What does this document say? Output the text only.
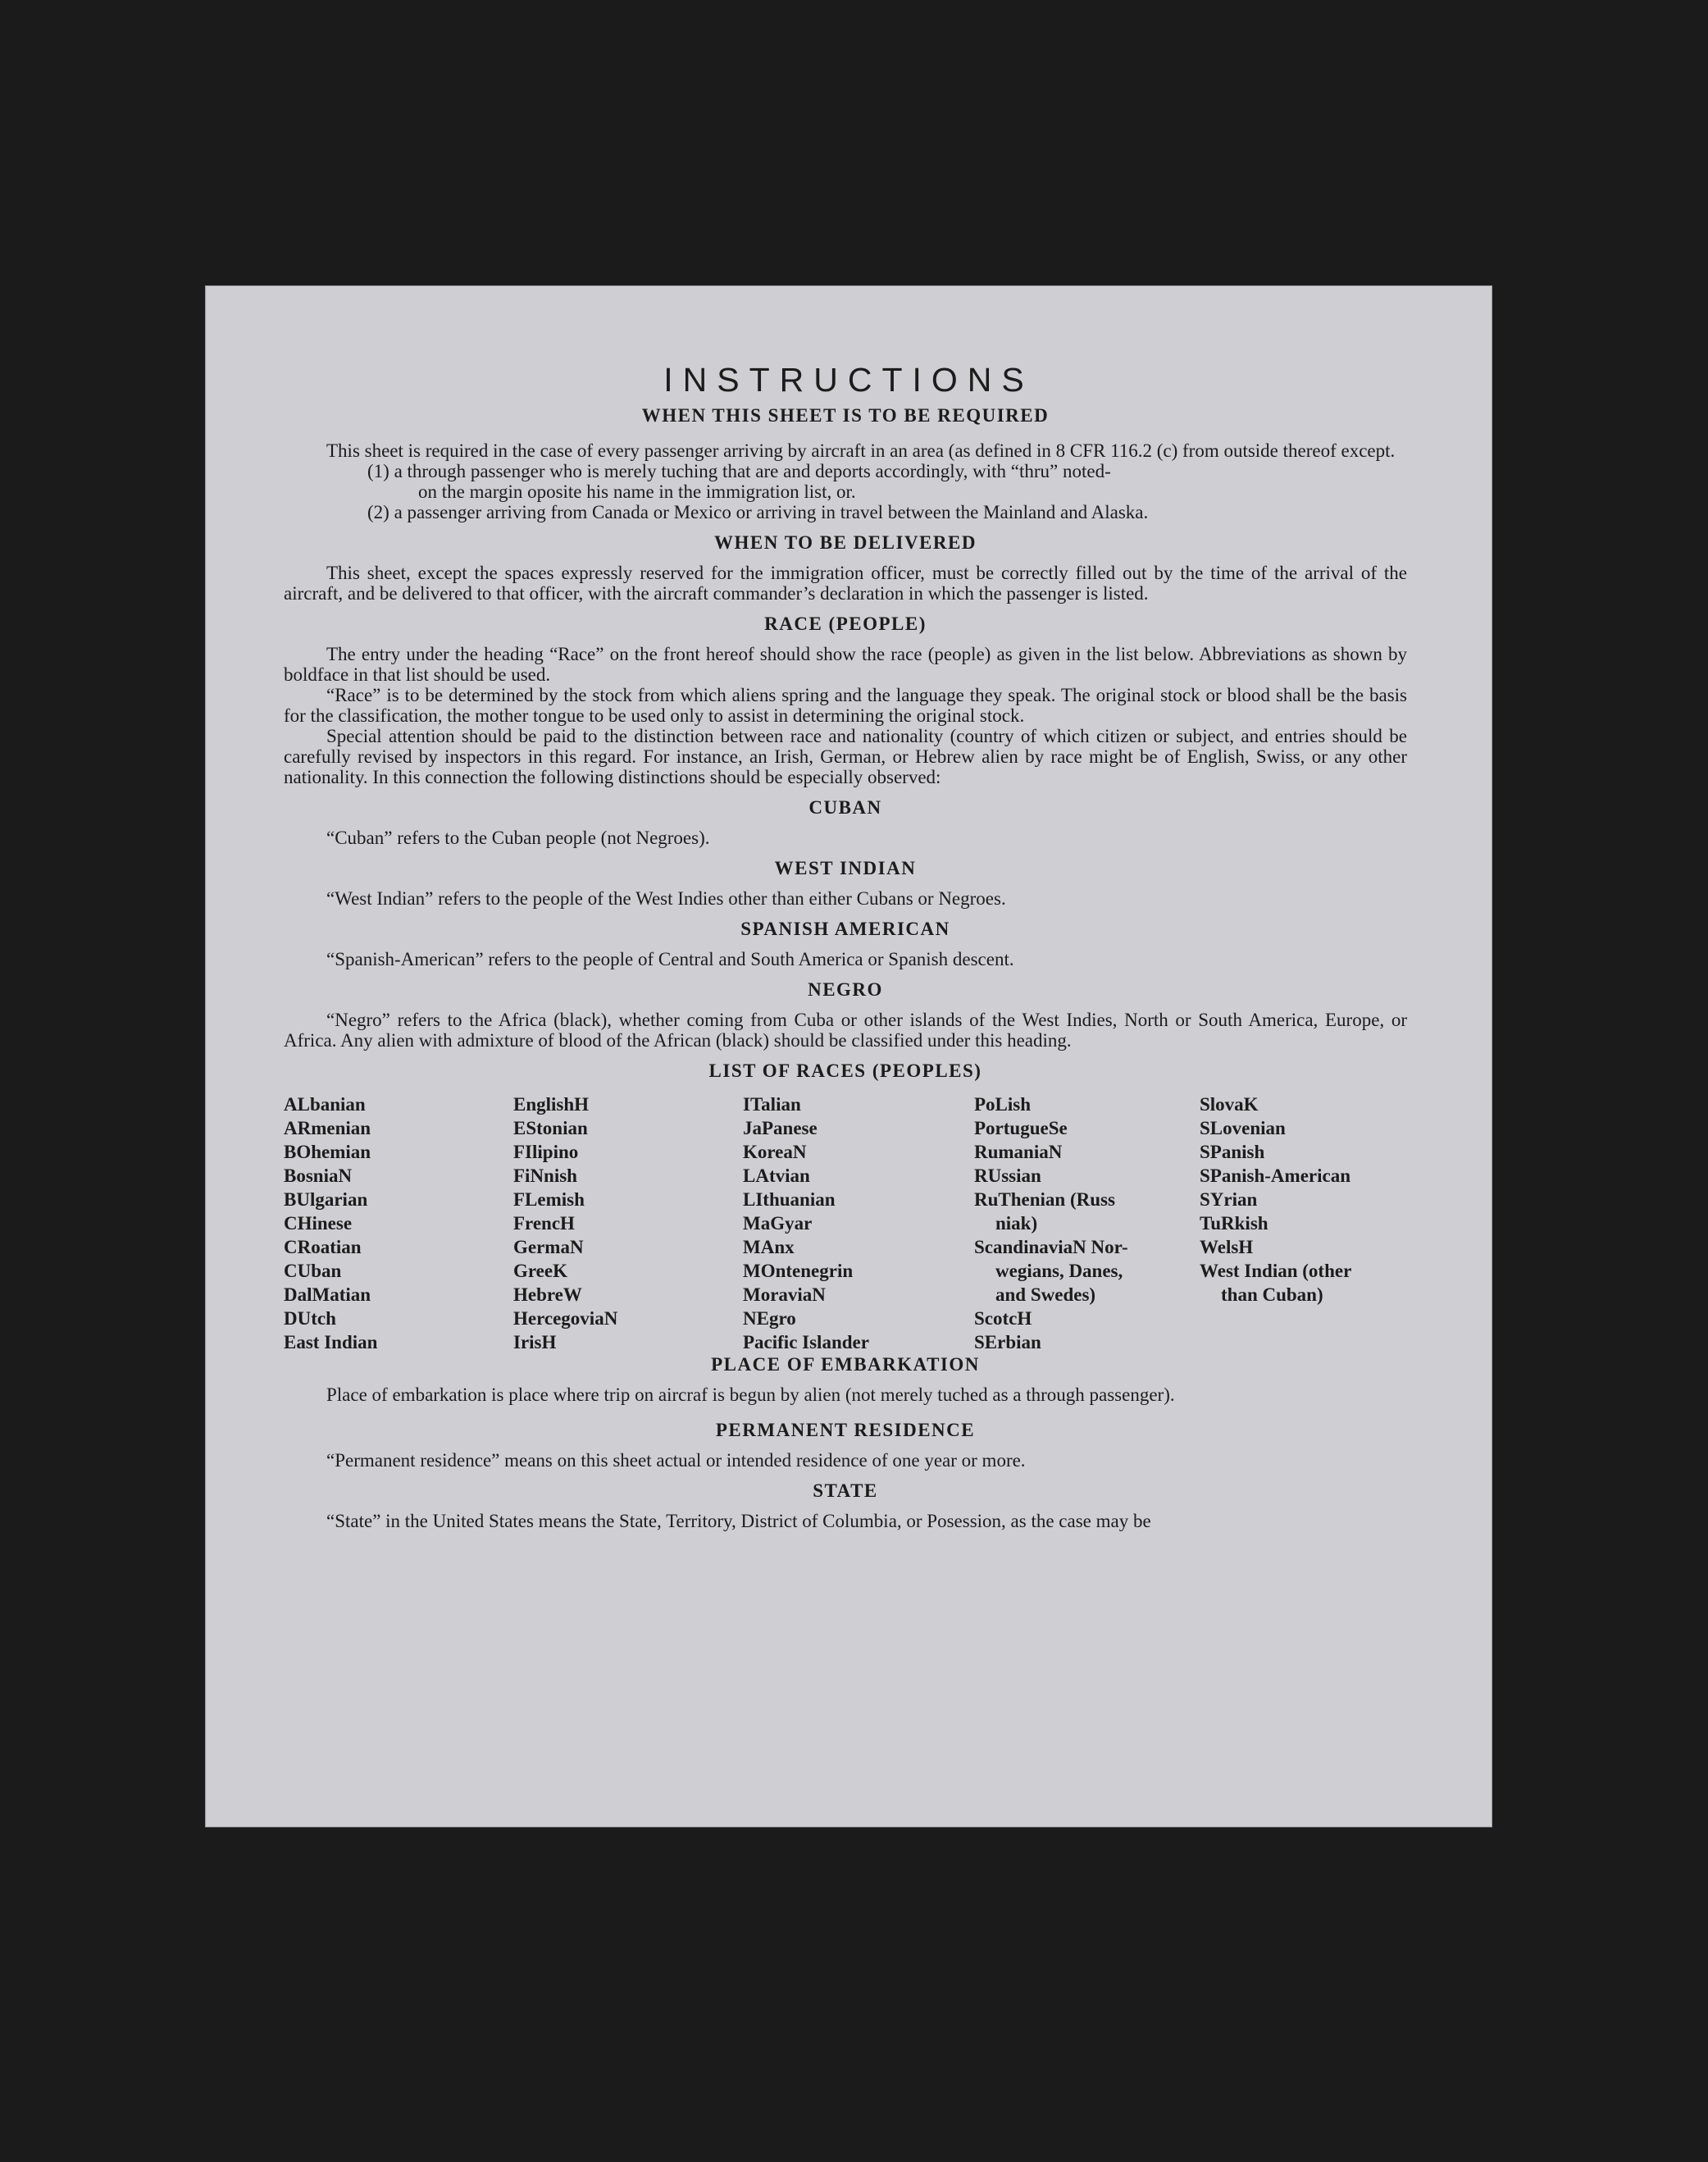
INSTRUCTIONS
WHEN THIS SHEET IS TO BE REQUIRED

This sheet is required in the case of every passenger arriving by aircraft in an area (as defined in 8 CFR 116.2 (c) from outside thereof except.

(1) a through passenger who is merely tuching that are and deports accordingly, with “thru” noted-

on the margin oposite his name in the immigration list, or.

(2) a passenger arriving from Canada or Mexico or arriving in travel between the Mainland and Alaska.

WHEN TO BE DELIVERED

This sheet, except the spaces expressly reserved for the immigration officer, must be correctly filled out by the time of the arrival of the aircraft, and be delivered to that officer, with the aircraft commander’s declaration in which the passenger is listed.

RACE (PEOPLE)

The entry under the heading “Race” on the front hereof should show the race (people) as given in the list below. Abbreviations as shown by boldface in that list should be used.

“Race” is to be determined by the stock from which aliens spring and the language they speak. The original stock or blood shall be the basis for the classification, the mother tongue to be used only to assist in determining the original stock.

Special attention should be paid to the distinction between race and nationality (country of which citizen or subject, and entries should be carefully revised by inspectors in this regard. For instance, an Irish, German, or Hebrew alien by race might be of English, Swiss, or any other nationality. In this connection the following distinctions should be especially observed:

CUBAN

“Cuban” refers to the Cuban people (not Negroes).

WEST INDIAN

“West Indian” refers to the people of the West Indies other than either Cubans or Negroes.

SPANISH AMERICAN

“Spanish-American” refers to the people of Central and South America or Spanish descent.

NEGRO

“Negro” refers to the Africa (black), whether coming from Cuba or other islands of the West Indies, North or South America, Europe, or Africa. Any alien with admixture of blood of the African (black) should be classified under this heading.

LIST OF RACES (PEOPLES)
ALbanian
ARmenian
BOhemian
BosniaN
BUlgarian
CHinese
CRoatian
CUban
DalMatian
DUtch
East Indian
EnglishH
EStonian
FIlipino
FiNnish
FLemish
FrencH
GermaN
GreeK
HebreW
HercegoviaN
IrisH
ITalian
JaPanese
KoreaN
LAtvian
LIthuanian
MaGyar
MAnx
MOntenegrin
MoraviaN
NEgro
Pacific Islander
PoLish
PortugueSe
RumaniaN
RUssian
RuThenian (Russ
niak)
ScandinaviaN Nor-
wegians, Danes,
and Swedes)
ScotcH
SErbian
SlovaK
SLovenian
SPanish
SPanish-American
SYrian
TuRkish
WelsH
West Indian (other
than Cuban)
PLACE OF EMBARKATION

Place of embarkation is place where trip on aircraf is begun by alien (not merely tuched as a through passenger).

PERMANENT RESIDENCE

“Permanent residence” means on this sheet actual or intended residence of one year or more.

STATE

“State” in the United States means the State, Territory, District of Columbia, or Posession, as the case may be
